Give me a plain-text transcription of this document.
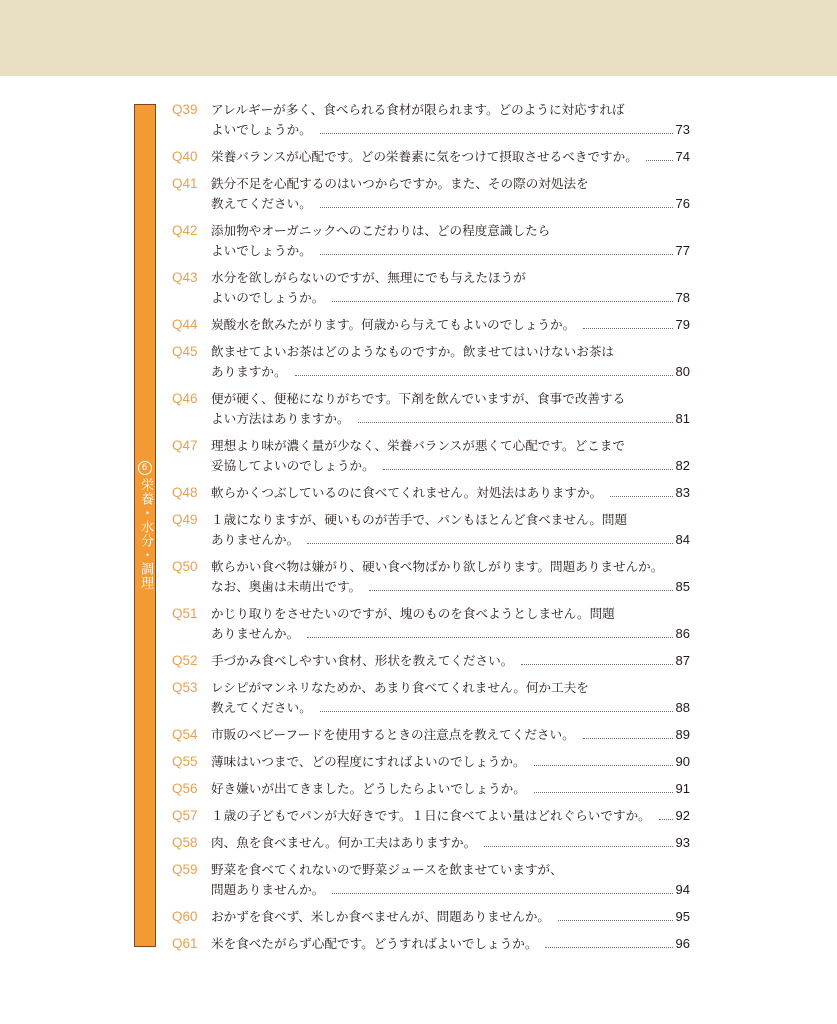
6
栄養・水分・調理
Q39	アレルギーが多く、食べられる食材が限られます。どのように対応すれば
よいでしょうか。	73
Q40	栄養バランスが心配です。どの栄養素に気をつけて摂取させるべきですか。	74
Q41	鉄分不足を心配するのはいつからですか。また、その際の対処法を
教えてください。	76
Q42	添加物やオーガニックへのこだわりは、どの程度意識したら
よいでしょうか。	77
Q43	水分を欲しがらないのですが、無理にでも与えたほうが
よいのでしょうか。	78
Q44	炭酸水を飲みたがります。何歳から与えてもよいのでしょうか。	79
Q45	飲ませてよいお茶はどのようなものですか。飲ませてはいけないお茶は
ありますか。	80
Q46	便が硬く、便秘になりがちです。下剤を飲んでいますが、食事で改善する
よい方法はありますか。	81
Q47	理想より味が濃く量が少なく、栄養バランスが悪くて心配です。どこまで
妥協してよいのでしょうか。	82
Q48	軟らかくつぶしているのに食べてくれません。対処法はありますか。	83
Q49	１歳になりますが、硬いものが苦手で、パンもほとんど食べません。問題
ありませんか。	84
Q50	軟らかい食べ物は嫌がり、硬い食べ物ばかり欲しがります。問題ありませんか。
なお、奥歯は未萌出です。	85
Q51	かじり取りをさせたいのですが、塊のものを食べようとしません。問題
ありませんか。	86
Q52	手づかみ食べしやすい食材、形状を教えてください。	87
Q53	レシピがマンネリなためか、あまり食べてくれません。何か工夫を
教えてください。	88
Q54	市販のベビーフードを使用するときの注意点を教えてください。	89
Q55	薄味はいつまで、どの程度にすればよいのでしょうか。	90
Q56	好き嫌いが出てきました。どうしたらよいでしょうか。	91
Q57	１歳の子どもでパンが大好きです。１日に食べてよい量はどれぐらいですか。 92
Q58	肉、魚を食べません。何か工夫はありますか。	93
Q59	野菜を食べてくれないので野菜ジュースを飲ませていますが、
問題ありませんか。	94
Q60	おかずを食べず、米しか食べませんが、問題ありませんか。	95
Q61	米を食べたがらず心配です。どうすればよいでしょうか。	96
